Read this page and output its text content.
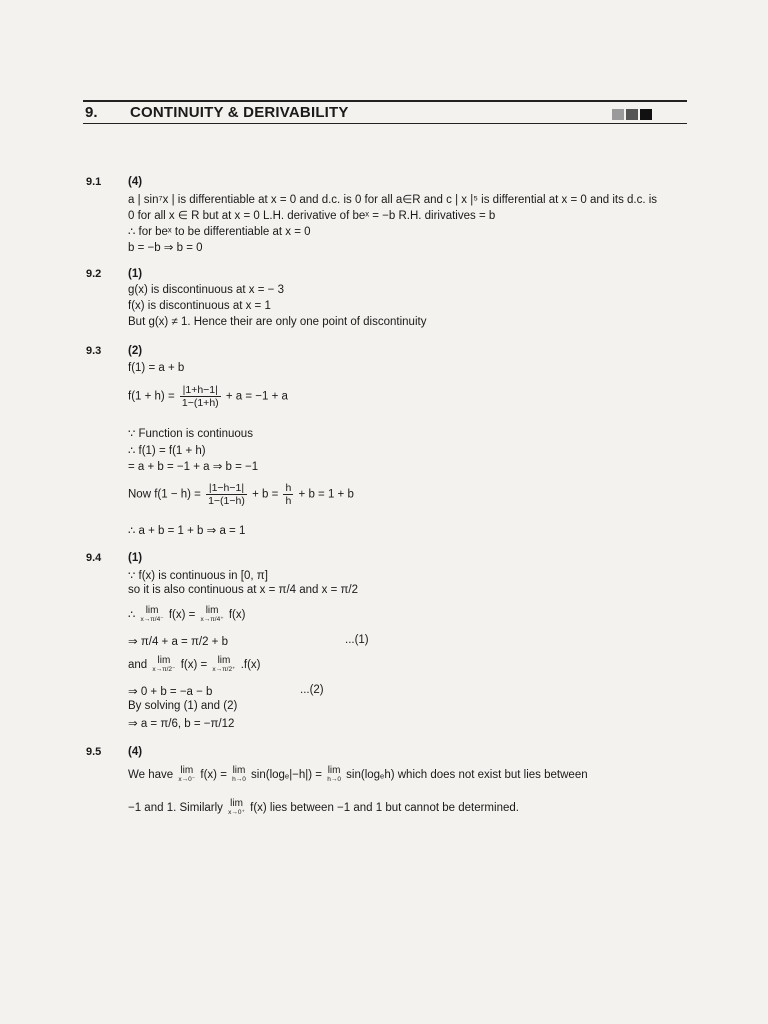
9. CONTINUITY & DERIVABILITY
9.1 (4)
a | sin⁷x | is differentiable at x = 0 and d.c. is 0 for all a∈R and c | x |⁵ is differential at x = 0 and its d.c. is
0 for all x ∈ R but at x = 0 L.H. derivative of beˣ = −b R.H. dirivatives = b
∴ for beˣ to be differentiable at x = 0
b = −b ⇒ b = 0
9.2 (1)
g(x) is discontinuous at x = − 3
f(x) is discontinuous at x = 1
But g(x) ≠ 1. Hence their are only one point of discontinuity
9.3 (2)
f(1) = a + b
$f(1 + h) = \frac{|1+h-1|}{1-(1+h)} + a = -1 + a$
∵ Function is continuous
∴ f(1) = f(1 + h)
= a + b = −1 + a ⇒ b = −1
Now $f(1 - h) = \frac{|1-h-1|}{1-(1-h)} + b = \frac{h}{h} + b = 1 + b$
∴ a + b = 1 + b ⇒ a = 1
9.4 (1)
∵ f(x) is continuous in [0, π]
so it is also continuous at x = π/4 and x = π/2
∴ lim
x→π/4⁻ f(x) = lim
x→π/4⁺ f(x)
⇒ π/4 + a = π/2 + b	...(1)
and lim
x→π/2⁻ f(x) = lim
x→π/2⁺ .f(x)
⇒ 0 + b = −a − b	...(2)
By solving (1) and (2)
⇒ a = π/6, b = −π/12
9.5 (4)
We have lim
x→0⁻ f(x) = lim
h→0 sin(logₑ|−h|) = lim
h→0 sin(logₑh) which does not exist but lies between
−1 and 1. Similarly lim
x→0⁺ f(x) lies between −1 and 1 but cannot be determined.
